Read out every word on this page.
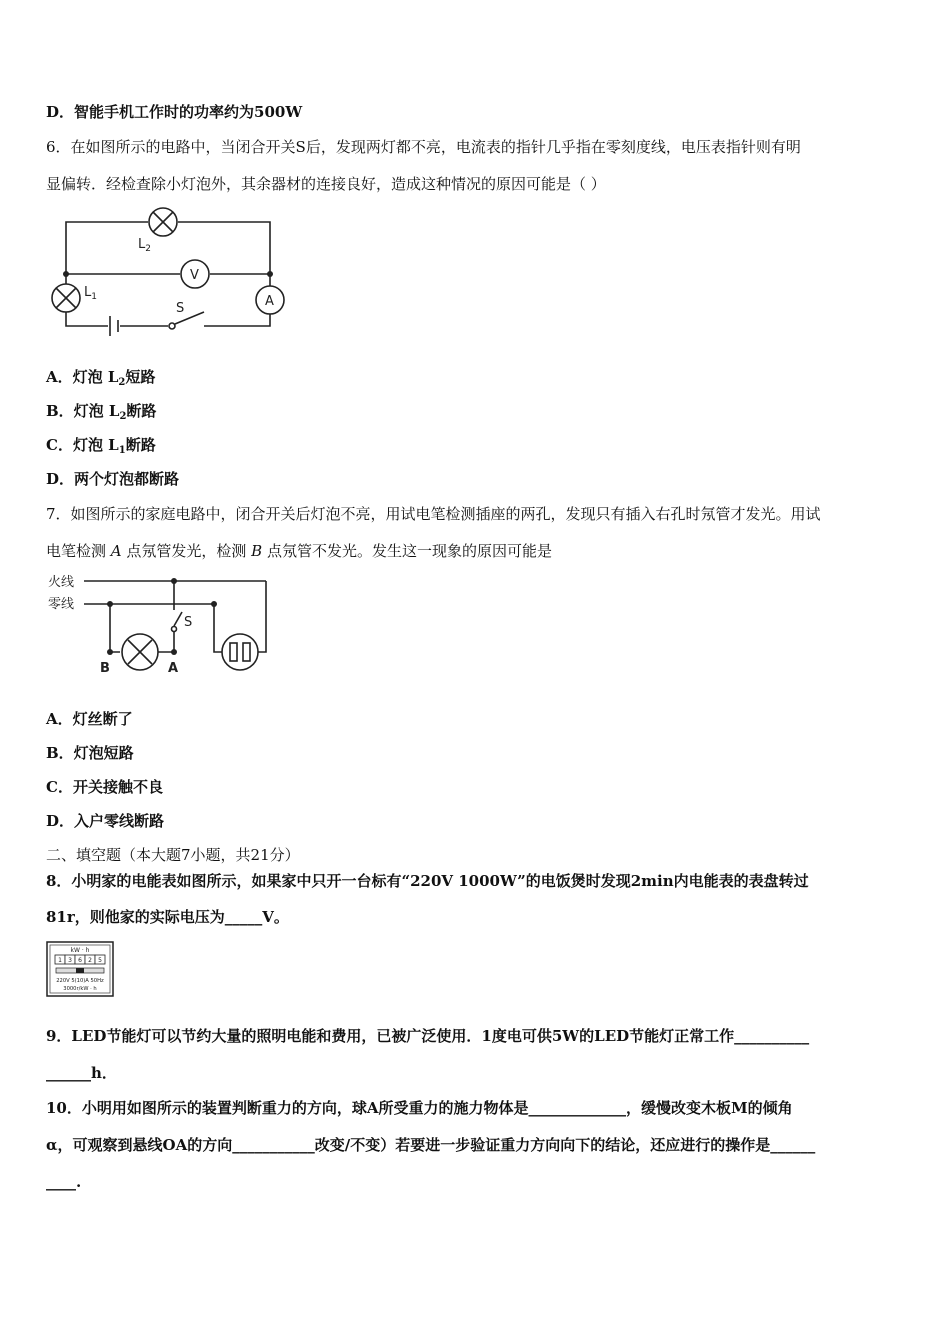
D．智能手机工作时的功率约为500W
6．在如图所示的电路中，当闭合开关S后，发现两灯都不亮，电流表的指针几乎指在零刻度线，电压表指针则有明
显偏转．经检查除小灯泡外，其余器材的连接良好，造成这种情况的原因可能是（ ）
$L_2$
$L_1$
V
A
S
A．灯泡 $L_2$短路
B．灯泡 $L_2$断路
C．灯泡 $L_1$断路
D．两个灯泡都断路
7．如图所示的家庭电路中，闭合开关后灯泡不亮，用试电笔检测插座的两孔，发现只有插入右孔时氖管才发光。用试
电笔检测 A 点氖管发光，检测 B 点氖管不发光。发生这一现象的原因可能是
火线
零线
S
B	A
A．灯丝断了
B．灯泡短路
C．开关接触不良
D．入户零线断路
二、填空题（本大题7小题，共21分）
8．小明家的电能表如图所示，如果家中只开一台标有“220V 1000W”的电饭煲时发现2min内电能表的表盘转过
81r，则他家的实际电压为_____V。
kW · h
1 3 6 2 5
220V 5(10)A 50Hz
3000r/kW · h
9．LED节能灯可以节约大量的照明电能和费用，已被广泛使用．1度电可供5W的LED节能灯正常工作__________
______h．
10．小明用如图所示的装置判断重力的方向，球A所受重力的施力物体是_____________，缓慢改变木板M的倾角
α，可观察到悬线OA的方向___________改变/不变）若要进一步验证重力方向向下的结论，还应进行的操作是______
____.
